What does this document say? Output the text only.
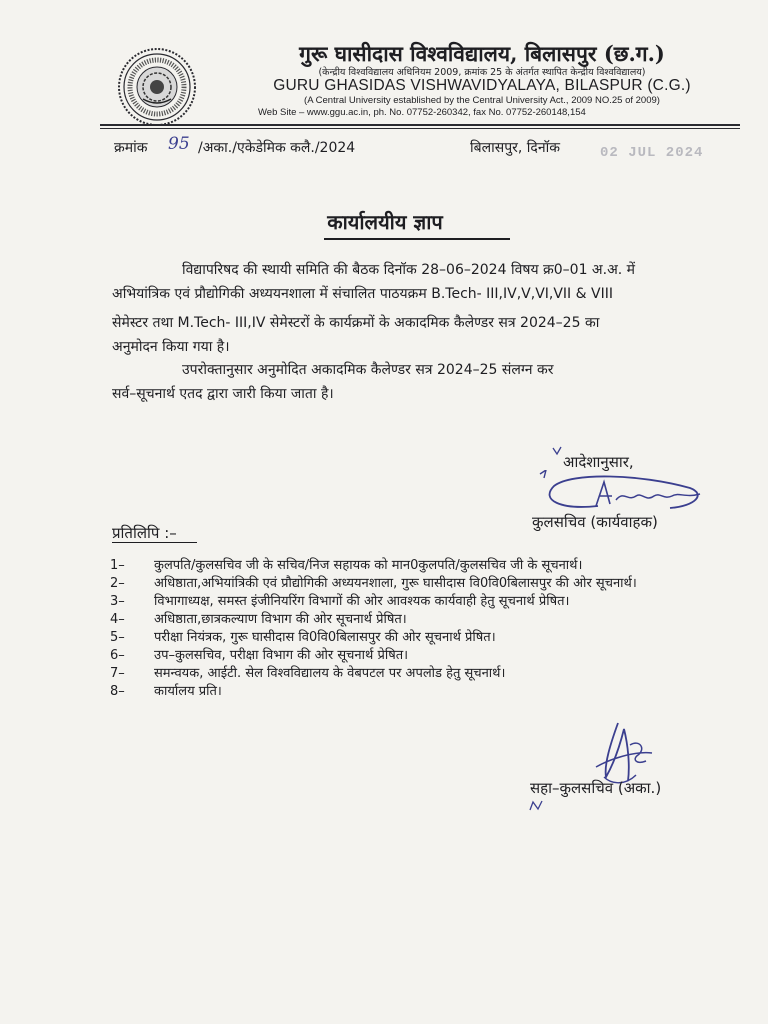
गुरू घासीदास विश्वविद्यालय, बिलासपुर (छ.ग.)
(केन्द्रीय विश्वविद्यालय अधिनियम 2009, क्रमांक 25 के अंतर्गत स्थापित केन्द्रीय विश्वविद्यालय)
GURU GHASIDAS VISHWAVIDYALAYA, BILASPUR (C.G.)
(A Central University established by the Central University Act., 2009 NO.25 of 2009)
Web Site – www.ggu.ac.in, ph. No. 07752-260342, fax No. 07752-260148,154
क्रमांक 95 /अका./एकेडेमिक कलै./2024	बिलासपुर, दिनॉक	02 JUL 2024
कार्यालयीय ज्ञाप
विद्यापरिषद की स्थायी समिति की बैठक दिनॉक 28–06–2024 विषय क्र0–01 अ.अ. में
अभियांत्रिक एवं प्रौद्योगिकी अध्ययनशाला में संचालित पाठयक्रम B.Tech- III,IV,V,VI,VII & VIII
सेमेस्टर तथा M.Tech- III,IV सेमेस्टरों के कार्यक्रमों के अकादमिक कैलेण्डर सत्र 2024–25 का
अनुमोदन किया गया है।
उपरोक्तानुसार अनुमोदित अकादमिक कैलेण्डर सत्र 2024–25 संलग्न कर
सर्व–सूचनार्थ एतद द्वारा जारी किया जाता है।
आदेशानुसार,
कुलसचिव (कार्यवाहक)
प्रतिलिपि :–
1– कुलपति/कुलसचिव जी के सचिव/निज सहायक को मान0कुलपति/कुलसचिव जी के सूचनार्थ।
2– अधिष्ठाता,अभियांत्रिकी एवं प्रौद्योगिकी अध्ययनशाला, गुरू घासीदास वि0वि0बिलासपुर की ओर सूचनार्थ।
3– विभागाध्यक्ष, समस्त इंजीनियरिंग विभागों की ओर आवश्यक कार्यवाही हेतु सूचनार्थ प्रेषित।
4– अधिष्ठाता,छात्रकल्याण विभाग की ओर सूचनार्थ प्रेषित।
5– परीक्षा नियंत्रक, गुरू घासीदास वि0वि0बिलासपुर की ओर सूचनार्थ प्रेषित।
6– उप–कुलसचिव, परीक्षा विभाग की ओर सूचनार्थ प्रेषित।
7– समन्वयक, आईटी. सेल विश्वविद्यालय के वेबपटल पर अपलोड हेतु सूचनार्थ।
8– कार्यालय प्रति।
सहा–कुलसचिव (अका.)
